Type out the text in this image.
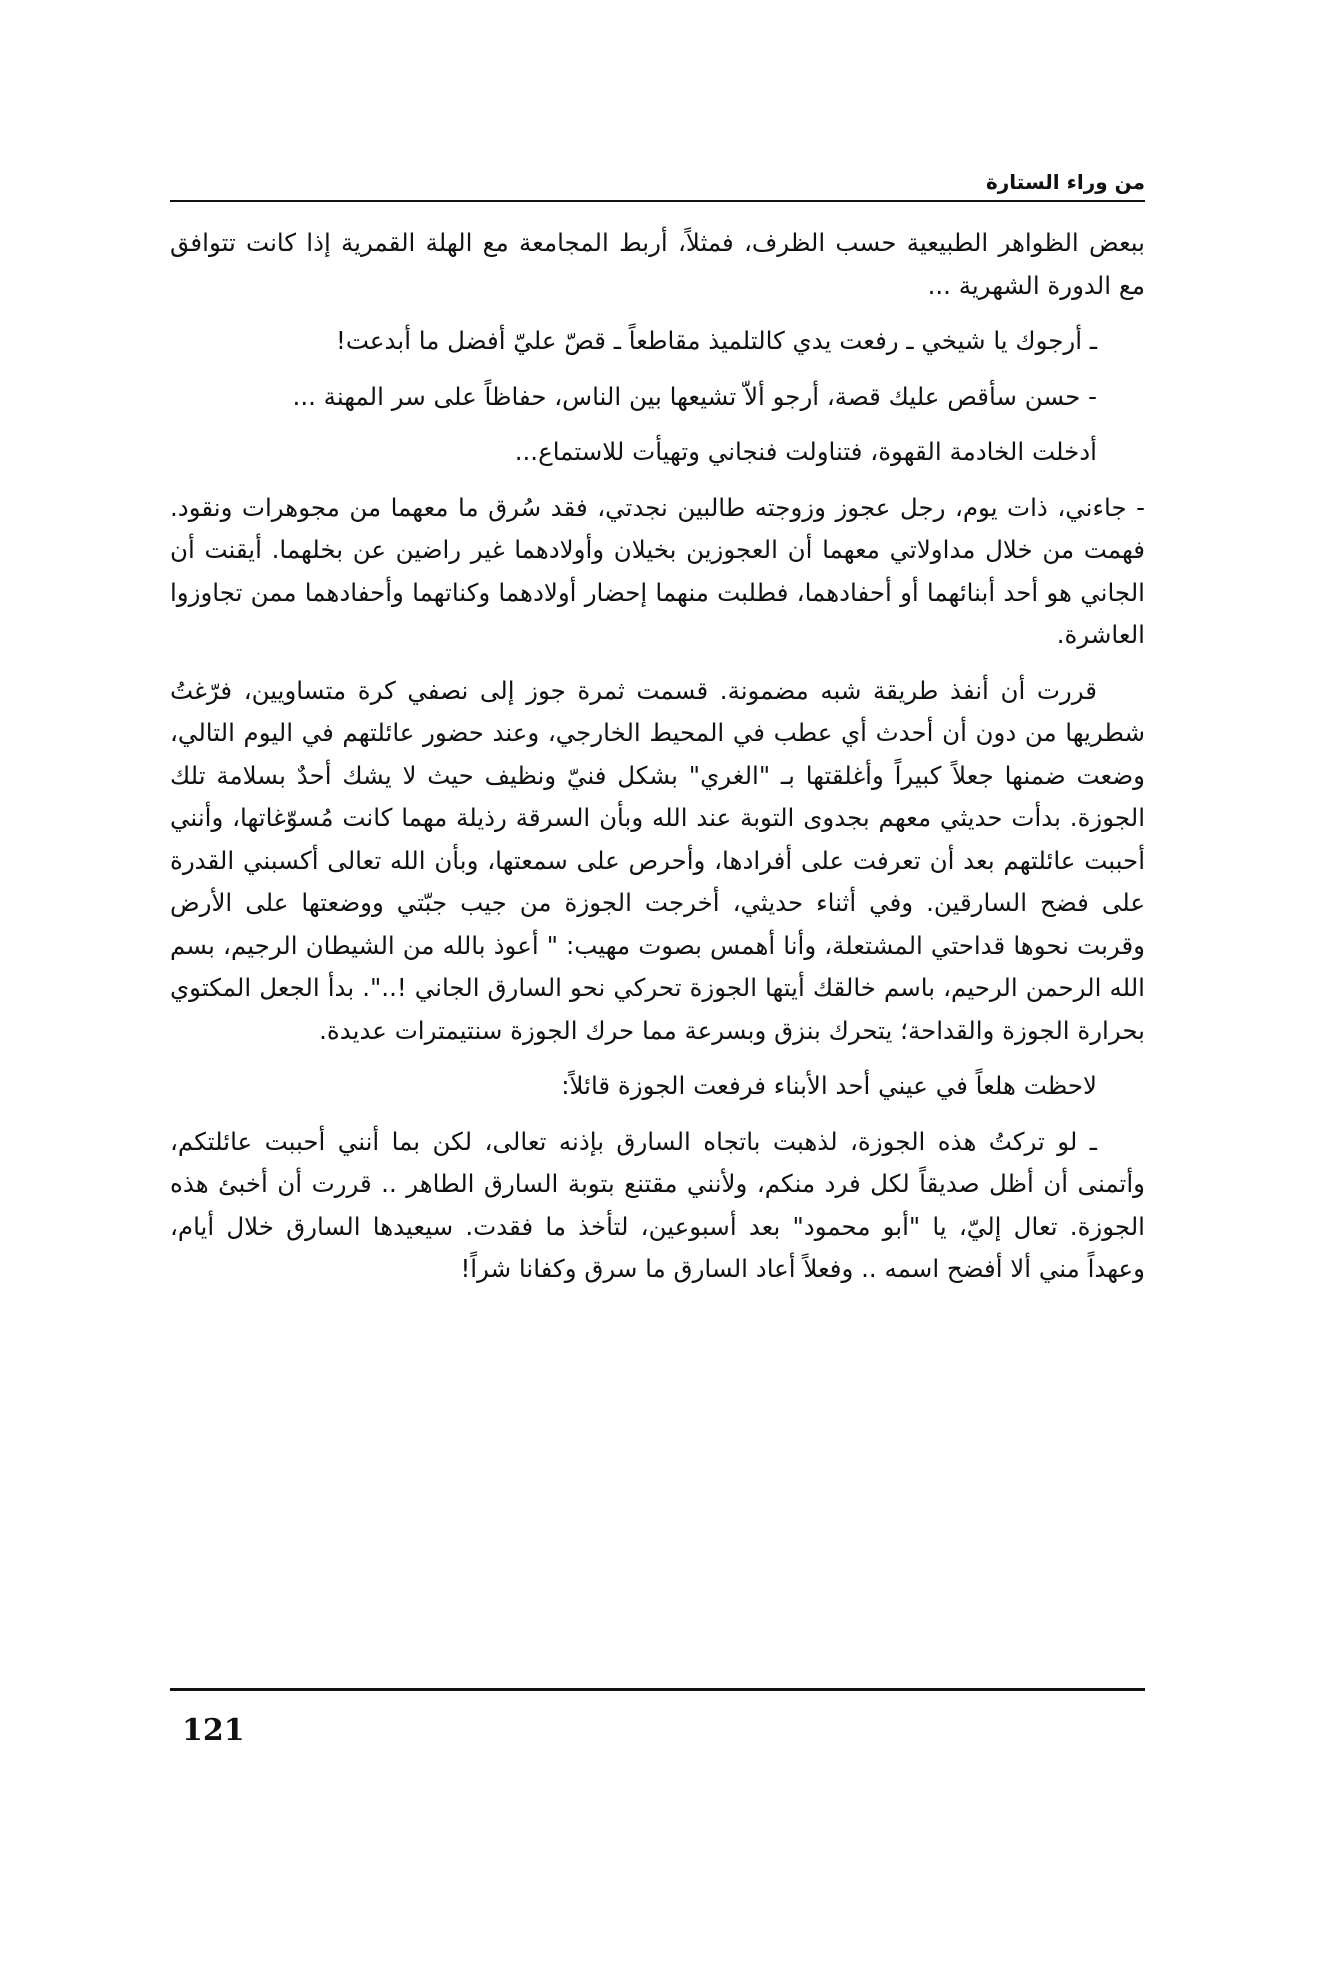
من وراء الستارة

ببعض الظواهر الطبيعية حسب الظرف، فمثلاً، أربط المجامعة مع الهلة القمرية إذا كانت تتوافق مع الدورة الشهرية ...

ـ أرجوك يا شيخي ـ رفعت يدي كالتلميذ مقاطعاً ـ قصّ عليّ أفضل ما أبدعت!

- حسن سأقص عليك قصة، أرجو ألاّ تشيعها بين الناس، حفاظاً على سر المهنة ...

أدخلت الخادمة القهوة، فتناولت فنجاني وتهيأت للاستماع...

- جاءني، ذات يوم، رجل عجوز وزوجته طالبين نجدتي، فقد سُرق ما معهما من مجوهرات ونقود. فهمت من خلال مداولاتي معهما أن العجوزين بخيلان وأولادهما غير راضين عن بخلهما. أيقنت أن الجاني هو أحد أبنائهما أو أحفادهما، فطلبت منهما إحضار أولادهما وكناتهما وأحفادهما ممن تجاوزوا العاشرة.

قررت أن أنفذ طريقة شبه مضمونة. قسمت ثمرة جوز إلى نصفي كرة متساويين، فرّغتُ شطريها من دون أن أحدث أي عطب في المحيط الخارجي، وعند حضور عائلتهم في اليوم التالي، وضعت ضمنها جعلاً كبيراً وأغلقتها بـ "الغري" بشكل فنيّ ونظيف حيث لا يشك أحدٌ بسلامة تلك الجوزة. بدأت حديثي معهم بجدوى التوبة عند الله وبأن السرقة رذيلة مهما كانت مُسوّغاتها، وأنني أحببت عائلتهم بعد أن تعرفت على أفرادها، وأحرص على سمعتها، وبأن الله تعالى أكسبني القدرة على فضح السارقين. وفي أثناء حديثي، أخرجت الجوزة من جيب جبّتي ووضعتها على الأرض وقربت نحوها قداحتي المشتعلة، وأنا أهمس بصوت مهيب: " أعوذ بالله من الشيطان الرجيم، بسم الله الرحمن الرحيم، باسم خالقك أيتها الجوزة تحركي نحو السارق الجاني !..". بدأ الجعل المكتوي بحرارة الجوزة والقداحة؛ يتحرك بنزق وبسرعة مما حرك الجوزة سنتيمترات عديدة.

لاحظت هلعاً في عيني أحد الأبناء فرفعت الجوزة قائلاً:

ـ لو تركتُ هذه الجوزة، لذهبت باتجاه السارق بإذنه تعالى، لكن بما أنني أحببت عائلتكم، وأتمنى أن أظل صديقاً لكل فرد منكم، ولأنني مقتنع بتوبة السارق الطاهر .. قررت أن أخبئ هذه الجوزة. تعال إليّ، يا "أبو محمود" بعد أسبوعين، لتأخذ ما فقدت. سيعيدها السارق خلال أيام، وعهداً مني ألا أفضح اسمه .. وفعلاً أعاد السارق ما سرق وكفانا شراً!

121
